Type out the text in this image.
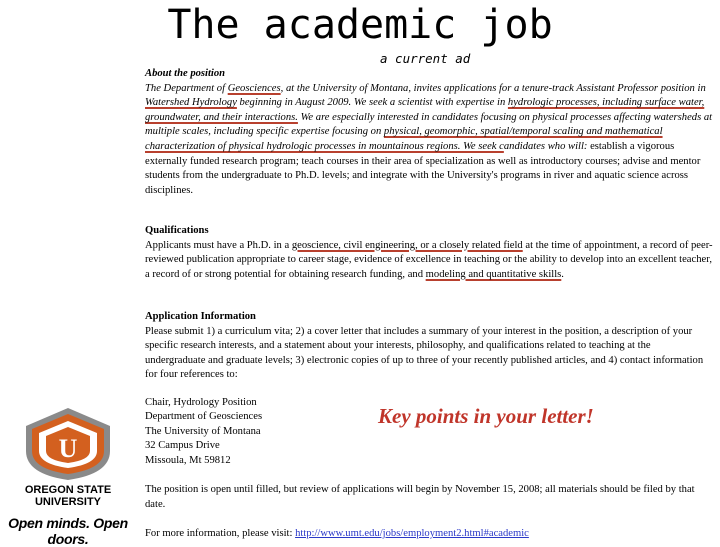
The academic job
a current ad
About the position
The Department of Geosciences, at the University of Montana, invites applications for a tenure-track Assistant Professor position in Watershed Hydrology beginning in August 2009. We seek a scientist with expertise in hydrologic processes, including surface water, groundwater, and their interactions. We are especially interested in candidates focusing on physical processes affecting watersheds at multiple scales, including specific expertise focusing on physical, geomorphic, spatial/temporal scaling and mathematical characterization of physical hydrologic processes in mountainous regions. We seek candidates who will: establish a vigorous externally funded research program; teach courses in their area of specialization as well as introductory courses; advise and mentor students from the undergraduate to Ph.D. levels; and integrate with the University's programs in river and aquatic science across disciplines.
Qualifications
Applicants must have a Ph.D. in a geoscience, civil engineering, or a closely related field at the time of appointment, a record of peer-reviewed publication appropriate to career stage, evidence of excellence in teaching or the ability to develop into an excellent teacher, a record of or strong potential for obtaining research funding, and modeling and quantitative skills.
Application Information
Please submit 1) a curriculum vita; 2) a cover letter that includes a summary of your interest in the position, a description of your specific research interests, and a statement about your interests, philosophy, and qualifications related to teaching at the undergraduate and graduate levels; 3) electronic copies of up to three of your recently published articles, and 4) contact information for four references to:
Chair, Hydrology Position
Department of Geosciences
The University of Montana
32 Campus Drive
Missoula, Mt 59812
Key points in your letter!
The position is open until filled, but review of applications will begin by November 15, 2008; all materials should be filed by that date.
For more information, please visit: http://www.umt.edu/jobs/employment2.html#academic
U
OREGON STATE
UNIVERSITY
Open minds. Open doors.
